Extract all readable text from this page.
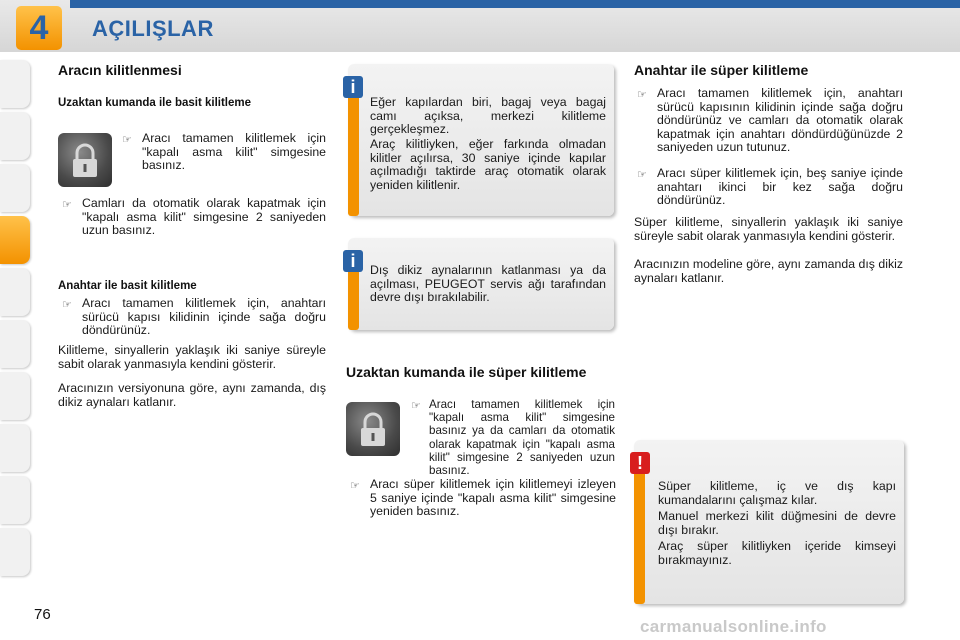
4	AÇILIŞLAR
Aracın kilitlenmesi
Uzaktan kumanda ile basit kilitleme
☞ Aracı tamamen kilitlemek için "kapalı asma kilit" simgesine basınız.
☞ Camları da otomatik olarak kapatmak için "kapalı asma kilit" simgesine 2 saniyeden uzun basınız.
Anahtar ile basit kilitleme
☞ Aracı tamamen kilitlemek için, anahtarı sürücü kapısı kilidinin içinde sağa doğru döndürünüz.
Kilitleme, sinyallerin yaklaşık iki saniye süreyle sabit olarak yanmasıyla kendini gösterir.
Aracınızın versiyonuna göre, aynı zamanda, dış dikiz aynaları katlanır.
i
Eğer kapılardan biri, bagaj veya bagaj camı açıksa, merkezi kilitleme gerçekleşmez.
Araç kilitliyken, eğer farkında olmadan kilitler açılırsa, 30 saniye içinde kapılar açılmadığı taktirde araç otomatik olarak yeniden kilitlenir.
i	Dış dikiz aynalarının katlanması ya da açılması, PEUGEOT servis ağı tarafından devre dışı bırakılabilir.
Uzaktan kumanda ile süper kilitleme
☞ Aracı tamamen kilitlemek için "kapalı asma kilit" simgesine basınız ya da camları da otomatik olarak kapatmak için "kapalı asma kilit" simgesine 2 saniyeden uzun basınız.
☞ Aracı süper kilitlemek için kilitlemeyi izleyen 5 saniye içinde "kapalı asma kilit" simgesine yeniden basınız.
Anahtar ile süper kilitleme
☞ Aracı tamamen kilitlemek için, anahtarı sürücü kapısının kilidinin içinde sağa doğru döndürünüz ve camları da otomatik olarak kapatmak için anahtarı döndürdüğünüzde 2 saniyeden uzun tutunuz.
☞ Aracı süper kilitlemek için, beş saniye içinde anahtarı ikinci bir kez sağa doğru döndürünüz.
Süper kilitleme, sinyallerin yaklaşık iki saniye süreyle sabit olarak yanmasıyla kendini gösterir.
Aracınızın modeline göre, aynı zamanda dış dikiz aynaları katlanır.
!
Süper kilitleme, iç ve dış kapı kumandalarını çalışmaz kılar.
Manuel merkezi kilit düğmesini de devre dışı bırakır.
Araç süper kilitliyken içeride kimseyi bırakmayınız.
76
carmanualsonline.info
